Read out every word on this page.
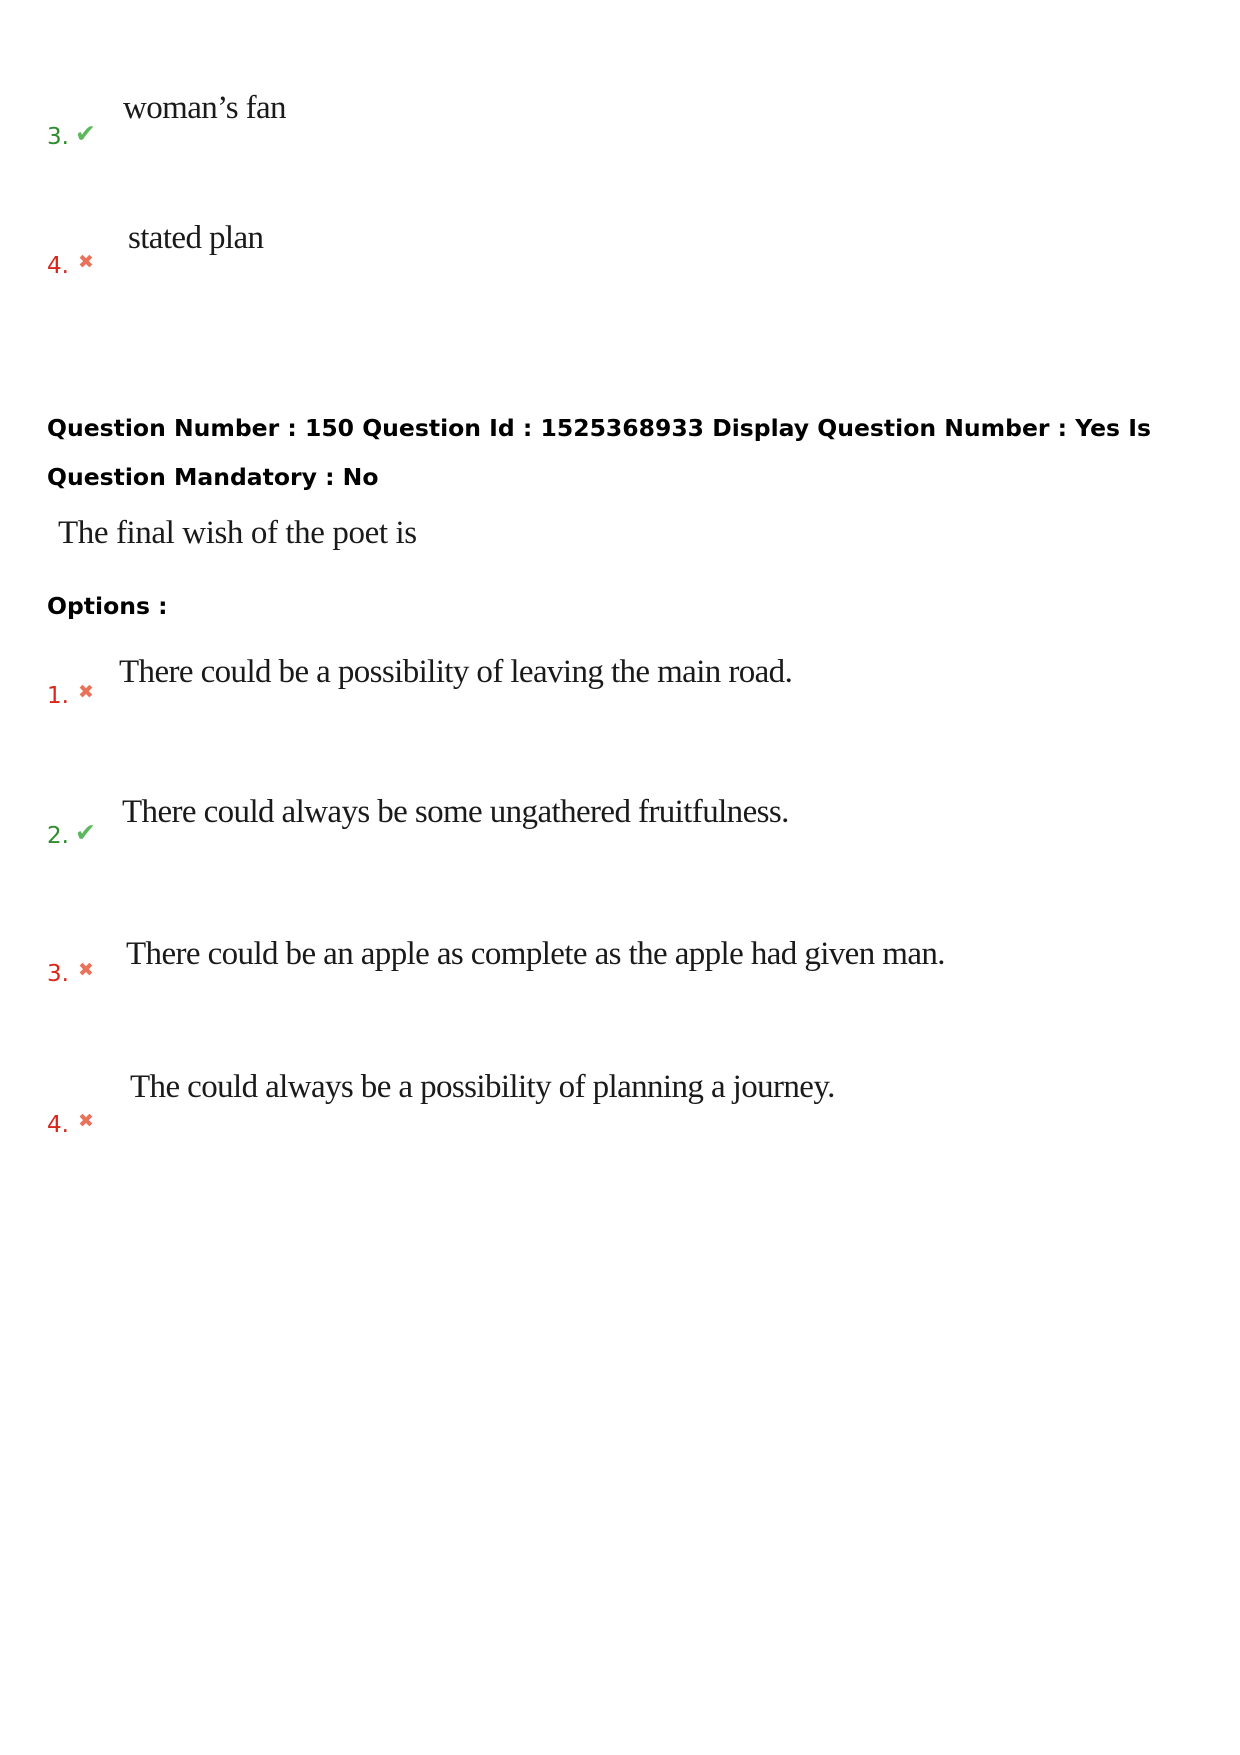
3. ✔
woman’s fan
4. ✖
stated plan
Question Number : 150 Question Id : 1525368933 Display Question Number : Yes Is Question Mandatory : No
The final wish of the poet is
Options :
1. ✖
There could be a possibility of leaving the main road.
2. ✔
There could always be some ungathered fruitfulness.
3. ✖ There could be an apple as complete as the apple had given man.
4. ✖
The could always be a possibility of planning a journey.
